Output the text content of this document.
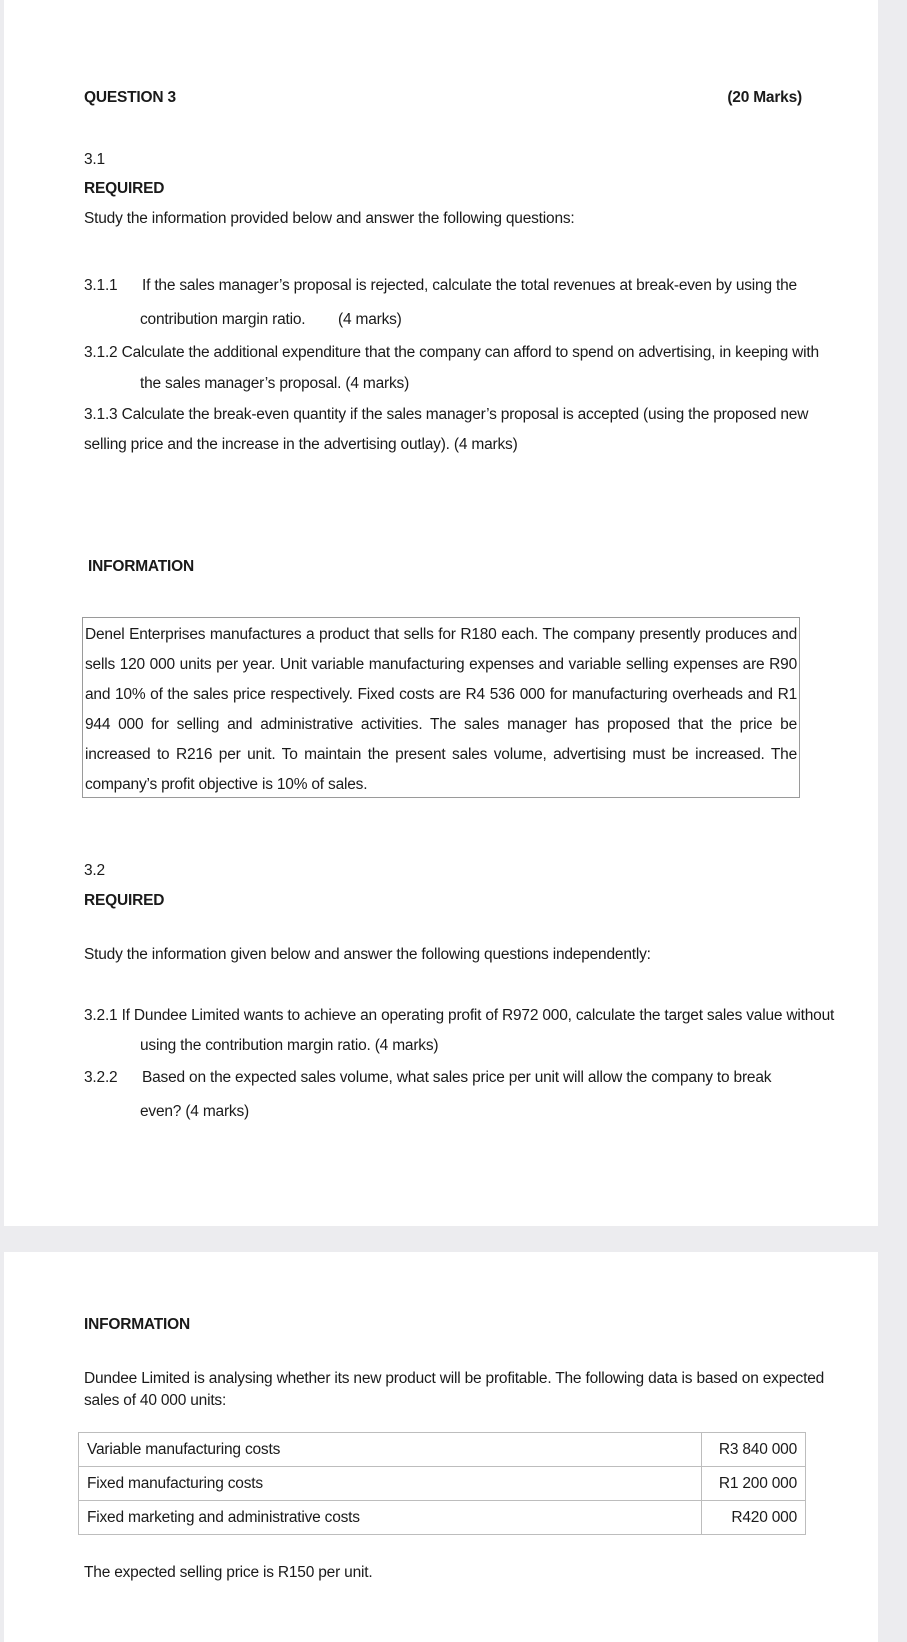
QUESTION 3	(20 Marks)
3.1
REQUIRED
Study the information provided below and answer the following questions:
3.1.1 If the sales manager’s proposal is rejected, calculate the total revenues at break-even by using the
contribution margin ratio. (4 marks)
3.1.2 Calculate the additional expenditure that the company can afford to spend on advertising, in keeping with
the sales manager’s proposal. (4 marks)
3.1.3 Calculate the break-even quantity if the sales manager’s proposal is accepted (using the proposed new
selling price and the increase in the advertising outlay). (4 marks)
INFORMATION
Denel Enterprises manufactures a product that sells for R180 each. The company presently produces and sells 120 000 units per year. Unit variable manufacturing expenses and variable selling expenses are R90 and 10% of the sales price respectively. Fixed costs are R4 536 000 for manufacturing overheads and R1 944 000 for selling and administrative activities. The sales manager has proposed that the price be increased to R216 per unit. To maintain the present sales volume, advertising must be increased. The company’s profit objective is 10% of sales.
3.2
REQUIRED
Study the information given below and answer the following questions independently:
3.2.1 If Dundee Limited wants to achieve an operating profit of R972 000, calculate the target sales value without
using the contribution margin ratio. (4 marks)
3.2.2 Based on the expected sales volume, what sales price per unit will allow the company to break
even? (4 marks)
INFORMATION
Dundee Limited is analysing whether its new product will be profitable. The following data is based on expected
sales of 40 000 units:
Variable manufacturing costs	R3 840 000
Fixed manufacturing costs	R1 200 000
Fixed marketing and administrative costs	R420 000
The expected selling price is R150 per unit.
